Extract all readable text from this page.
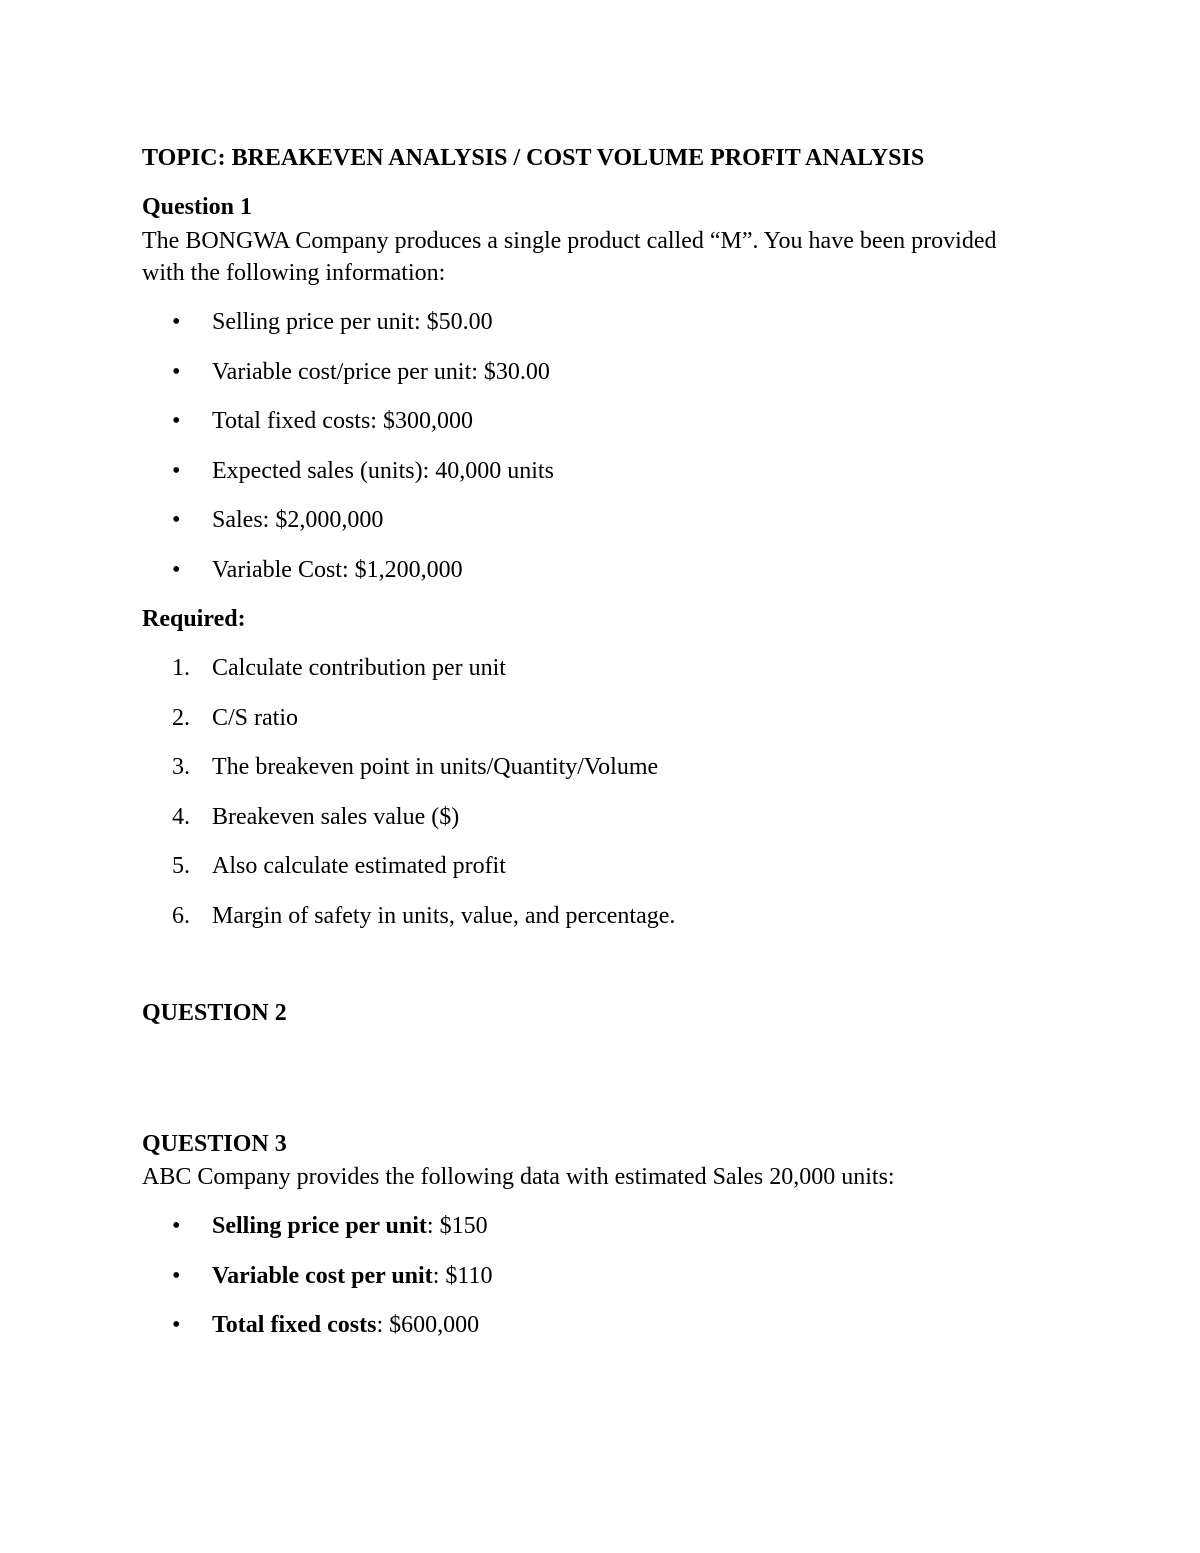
TOPIC: BREAKEVEN ANALYSIS / COST VOLUME PROFIT ANALYSIS
Question 1
The BONGWA Company produces a single product called “M”. You have been provided
with the following information:
• Selling price per unit: $50.00
• Variable cost/price per unit: $30.00
• Total fixed costs: $300,000
• Expected sales (units): 40,000 units
• Sales: $2,000,000
• Variable Cost: $1,200,000
Required:
1. Calculate contribution per unit
2. C/S ratio
3. The breakeven point in units/Quantity/Volume
4. Breakeven sales value ($)
5. Also calculate estimated profit
6. Margin of safety in units, value, and percentage.
QUESTION 2
QUESTION 3
ABC Company provides the following data with estimated Sales 20,000 units:
• Selling price per unit: $150
• Variable cost per unit: $110
• Total fixed costs: $600,000
